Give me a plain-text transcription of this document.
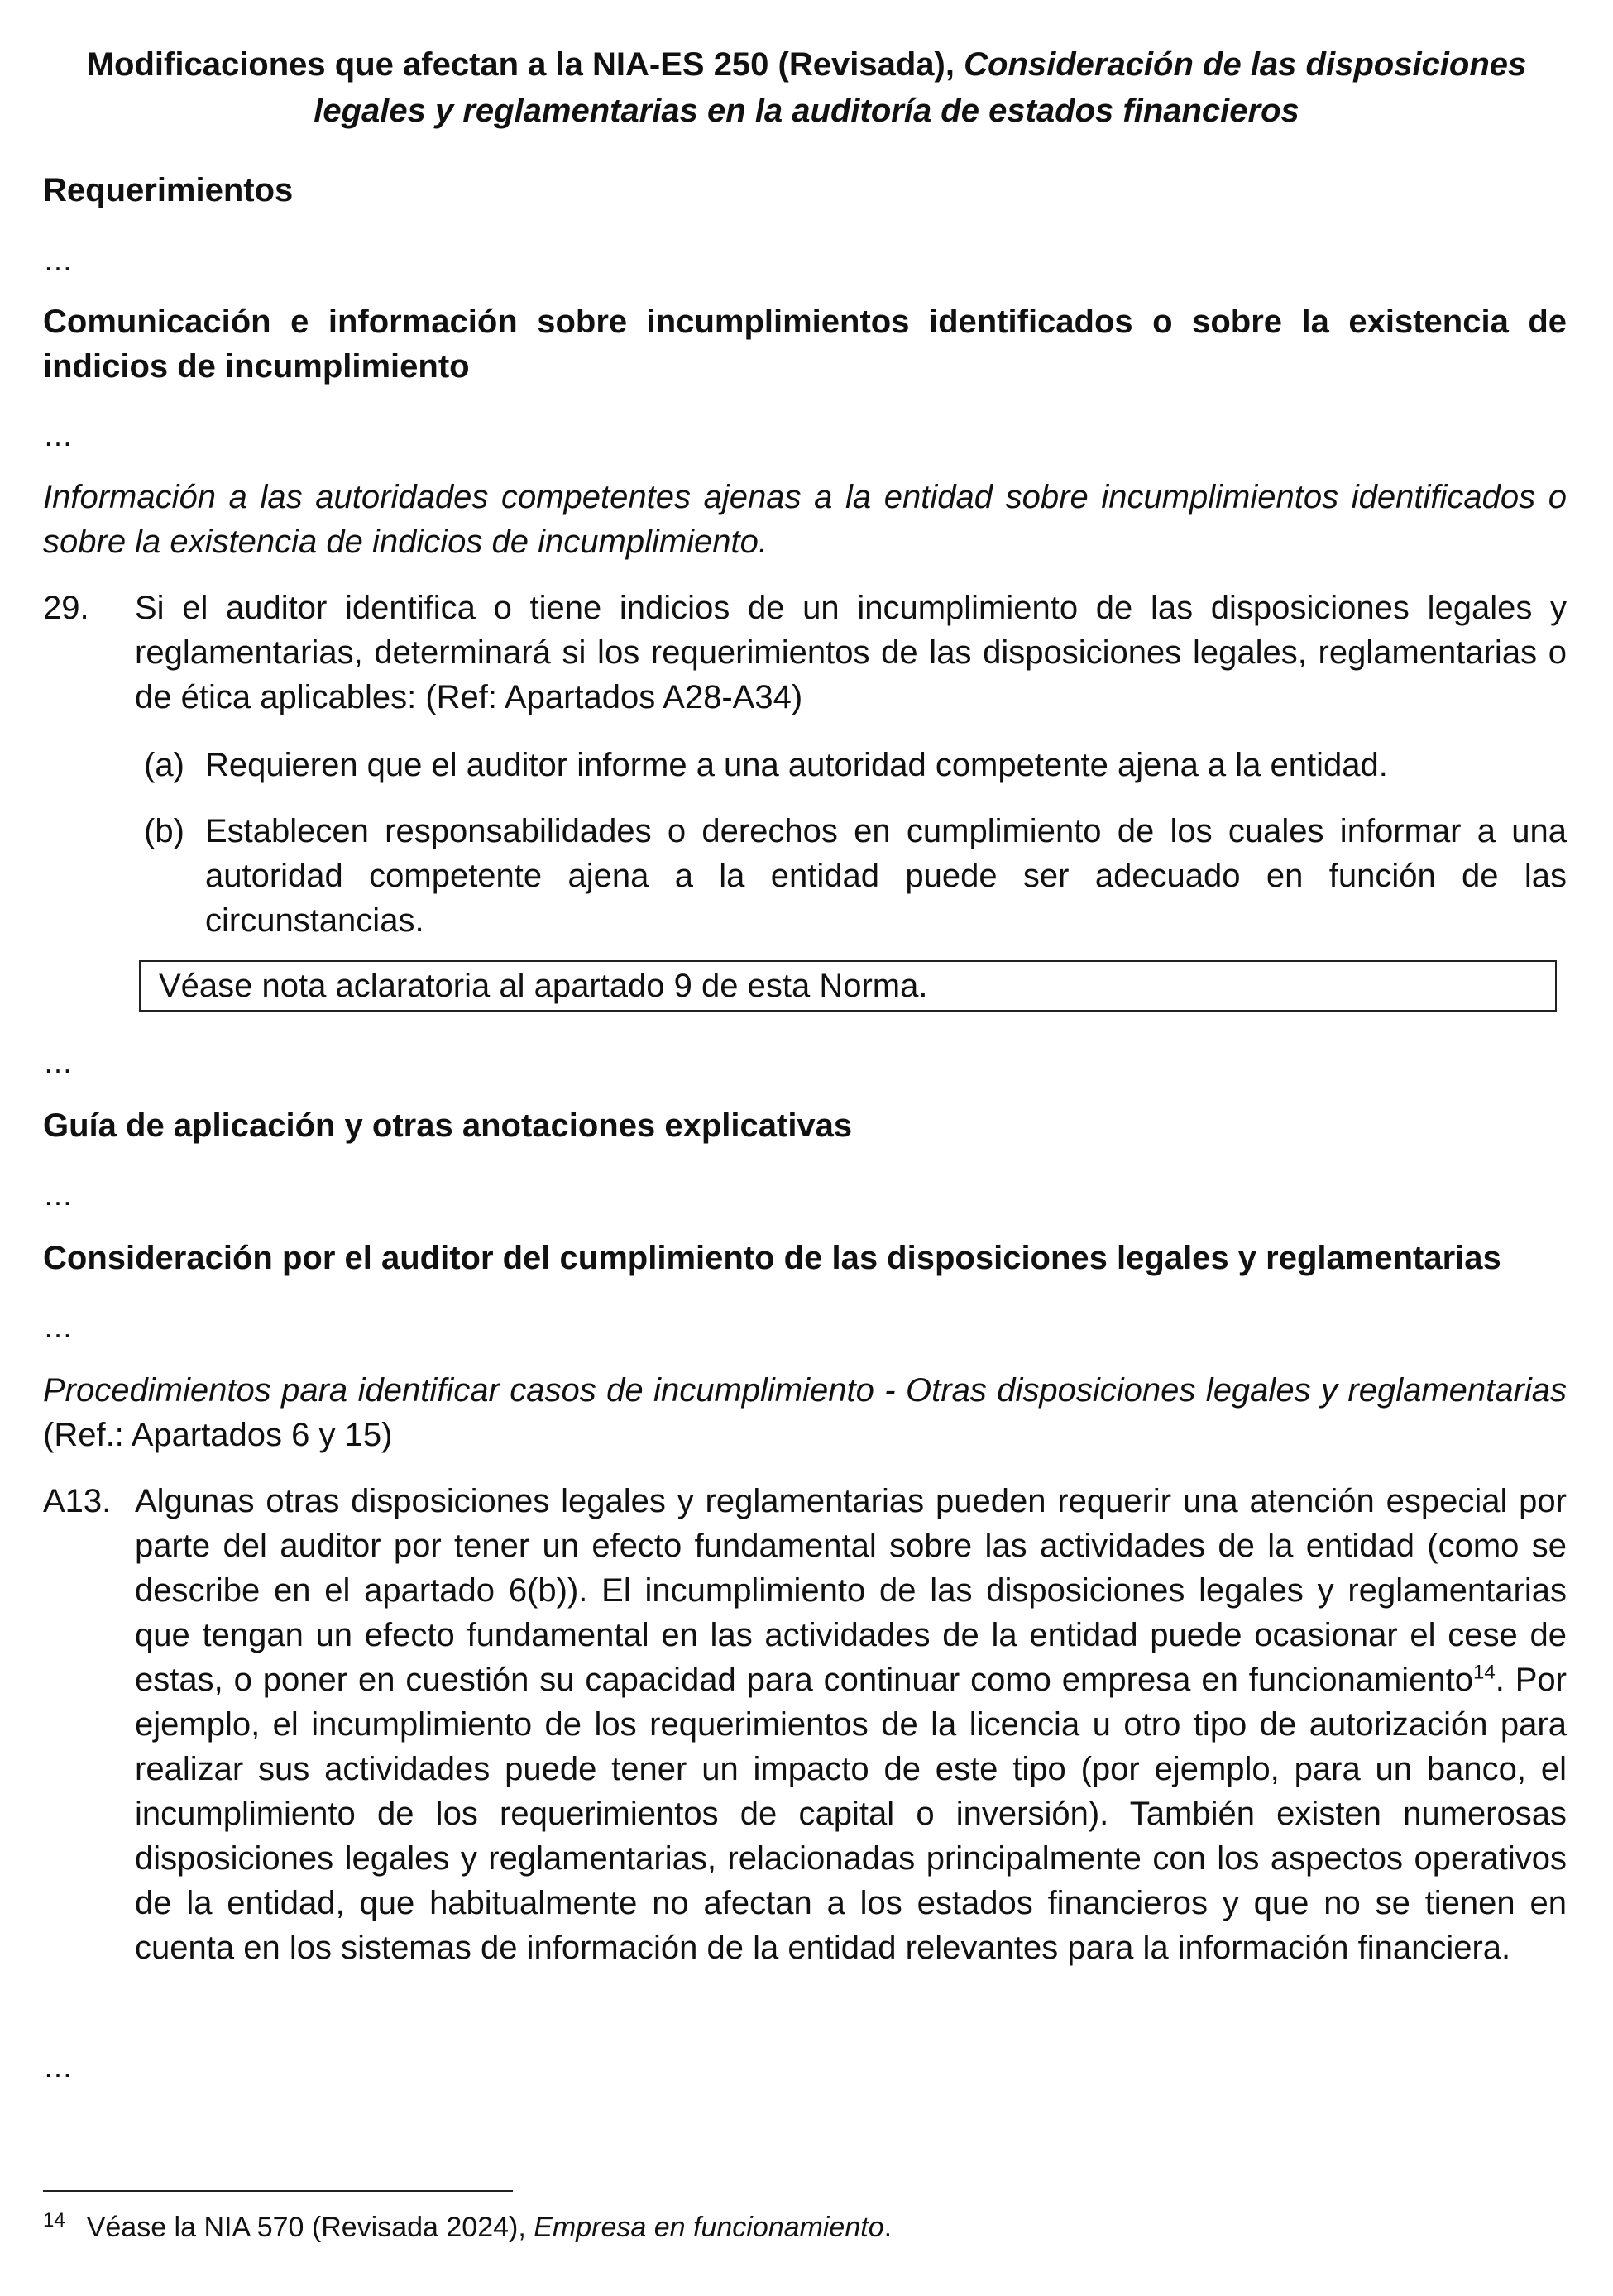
Modificaciones que afectan a la NIA-ES 250 (Revisada), Consideración de las disposiciones
legales y reglamentarias en la auditoría de estados financieros
Requerimientos
…
Comunicación e información sobre incumplimientos identificados o sobre la existencia de indicios de incumplimiento
…
Información a las autoridades competentes ajenas a la entidad sobre incumplimientos identificados o sobre la existencia de indicios de incumplimiento.
29. Si el auditor identifica o tiene indicios de un incumplimiento de las disposiciones legales y reglamentarias, determinará si los requerimientos de las disposiciones legales, reglamentarias o de ética aplicables: (Ref: Apartados A28-A34)
(a) Requieren que el auditor informe a una autoridad competente ajena a la entidad.
(b) Establecen responsabilidades o derechos en cumplimiento de los cuales informar a una autoridad competente ajena a la entidad puede ser adecuado en función de las circunstancias.
Véase nota aclaratoria al apartado 9 de esta Norma.
…
Guía de aplicación y otras anotaciones explicativas
…
Consideración por el auditor del cumplimiento de las disposiciones legales y reglamentarias
…
Procedimientos para identificar casos de incumplimiento - Otras disposiciones legales y reglamentarias (Ref.: Apartados 6 y 15)
A13. Algunas otras disposiciones legales y reglamentarias pueden requerir una atención especial por parte del auditor por tener un efecto fundamental sobre las actividades de la entidad (como se describe en el apartado 6(b)). El incumplimiento de las disposiciones legales y reglamentarias que tengan un efecto fundamental en las actividades de la entidad puede ocasionar el cese de estas, o poner en cuestión su capacidad para continuar como empresa en funcionamiento$^{14}$. Por ejemplo, el incumplimiento de los requerimientos de la licencia u otro tipo de autorización para realizar sus actividades puede tener un impacto de este tipo (por ejemplo, para un banco, el incumplimiento de los requerimientos de capital o inversión). También existen numerosas disposiciones legales y reglamentarias, relacionadas principalmente con los aspectos operativos de la entidad, que habitualmente no afectan a los estados financieros y que no se tienen en cuenta en los sistemas de información de la entidad relevantes para la información financiera.
…
$^{14}$ Véase la NIA 570 (Revisada 2024), Empresa en funcionamiento.
